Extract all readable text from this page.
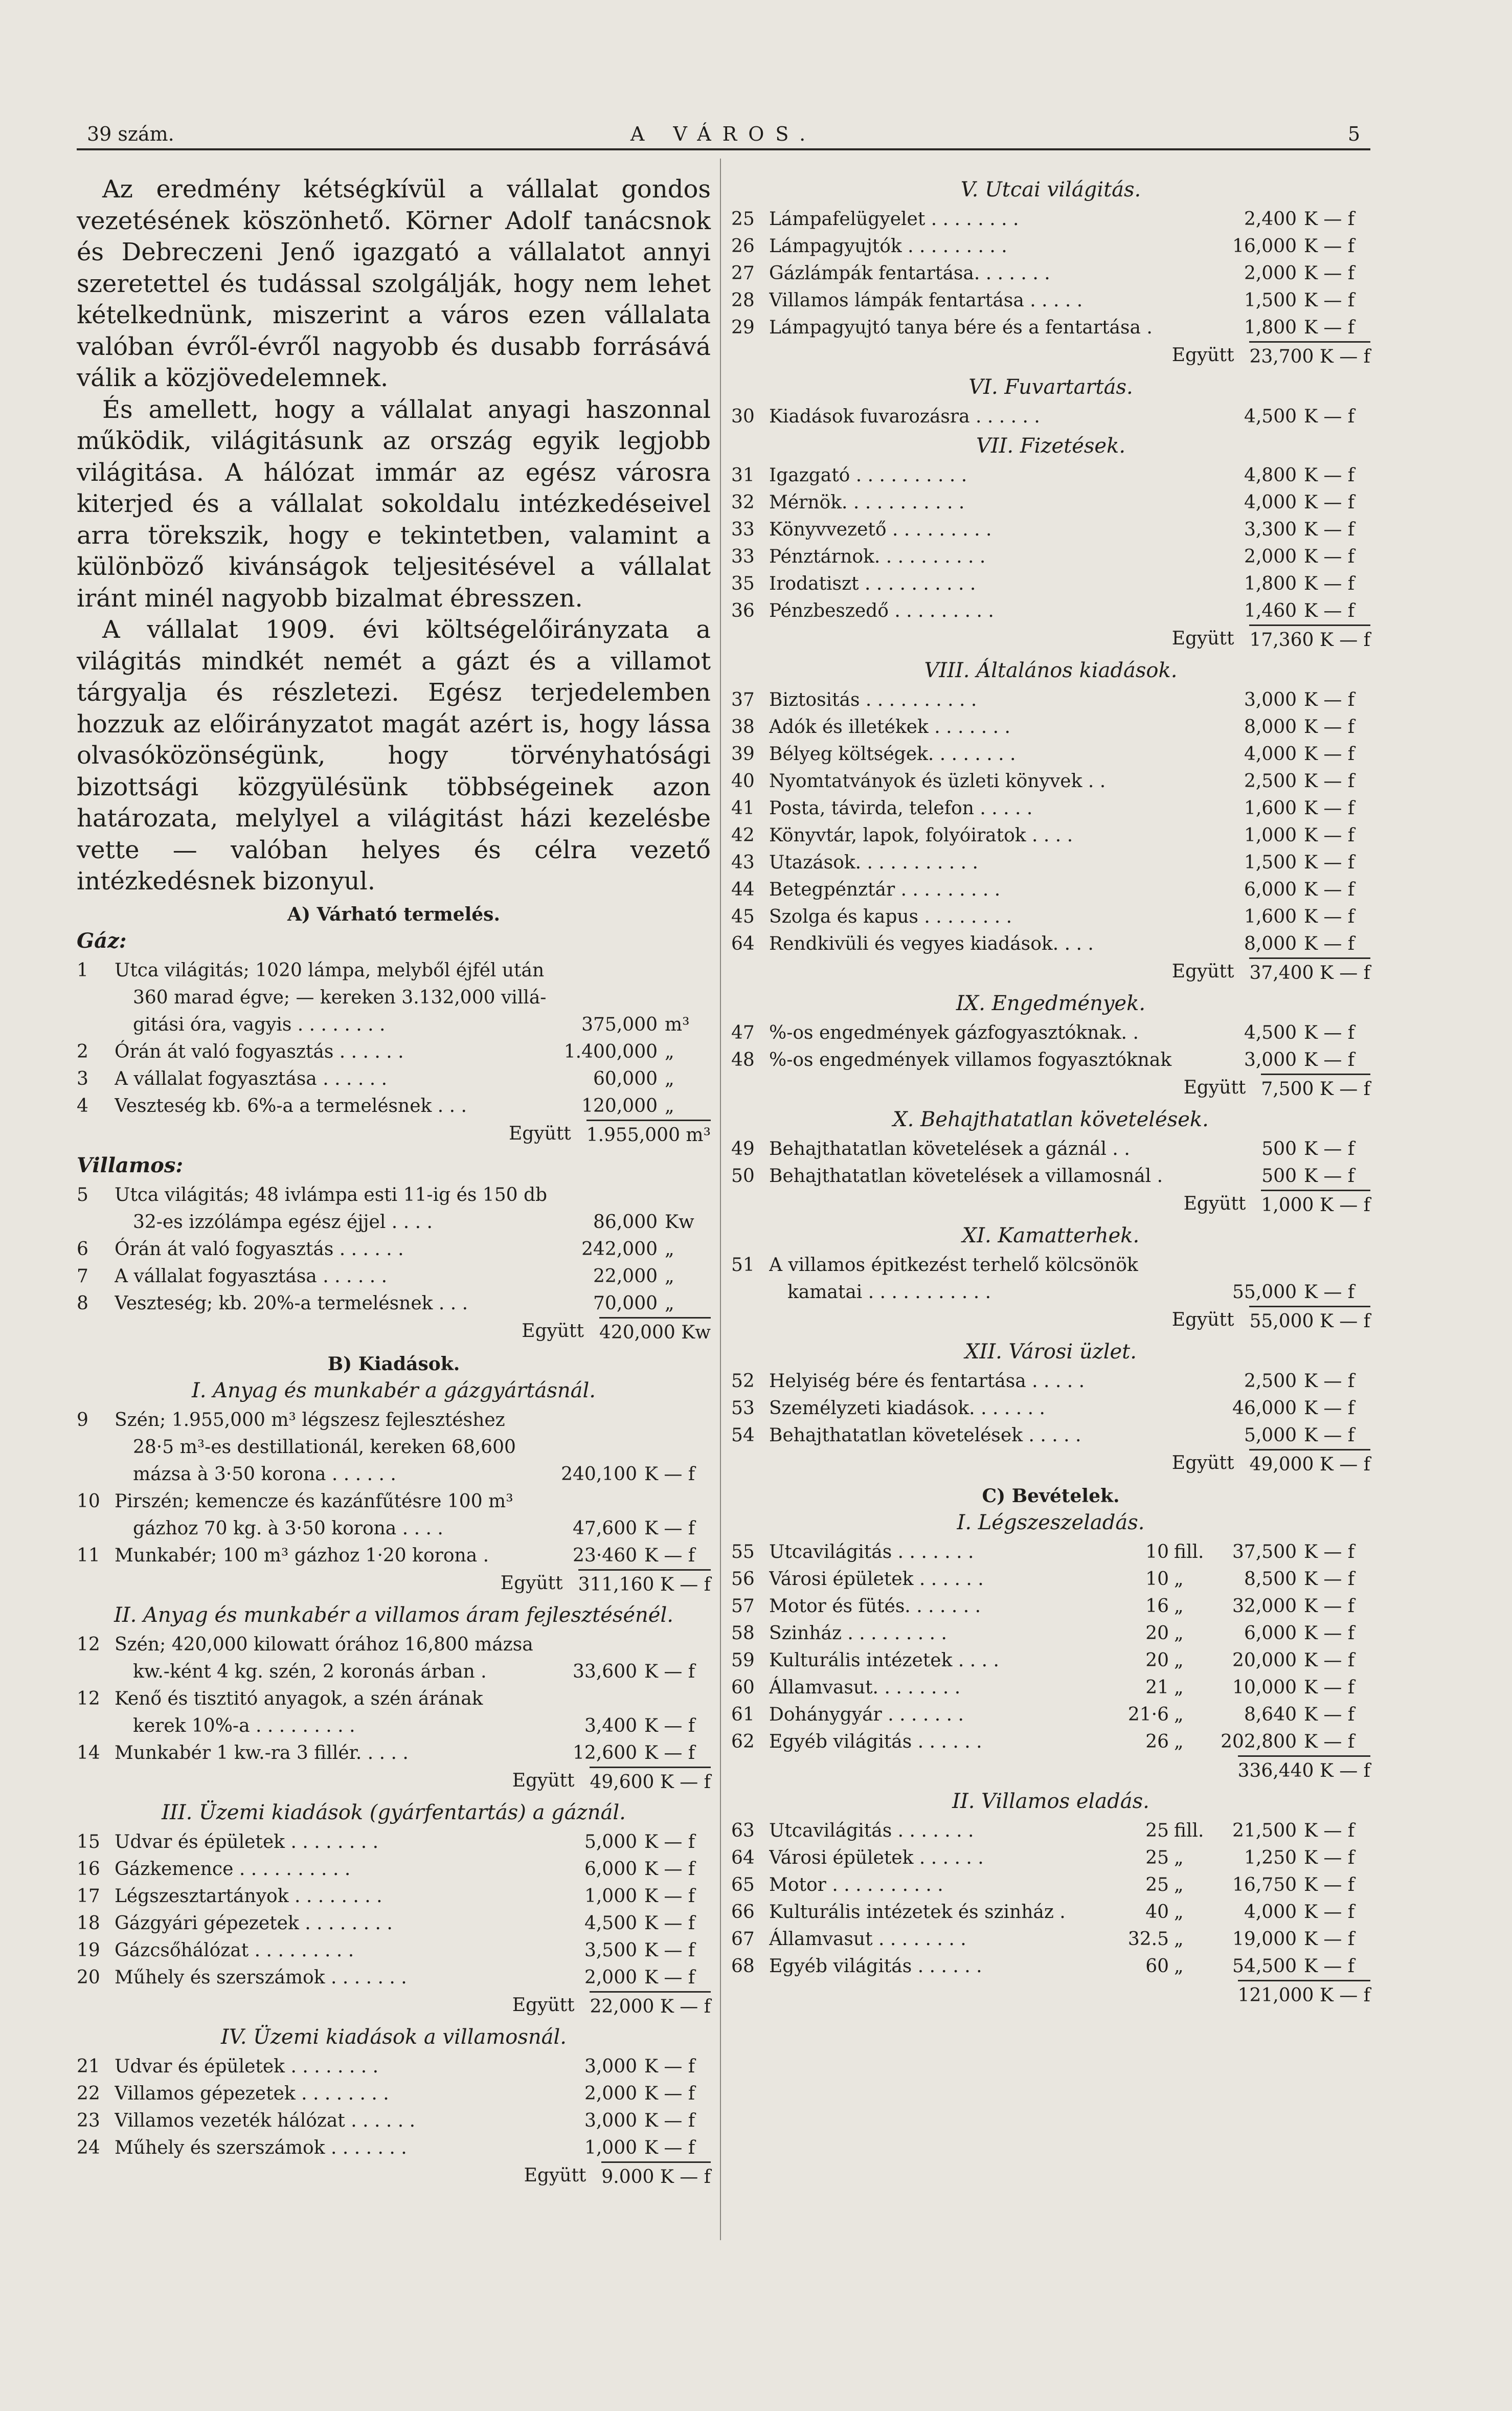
39 szám.	A VÁROS.	5

Az eredmény kétségkívül a vállalat gondos vezetésének köszönhető. Körner Adolf tanácsnok és Debreczeni Jenő igazgató a vállalatot annyi szeretettel és tudással szolgálják, hogy nem lehet kételkednünk, miszerint a város ezen vállalata valóban évről-évről nagyobb és dusabb forrásává válik a közjövedelemnek.

És amellett, hogy a vállalat anyagi haszonnal működik, világitásunk az ország egyik legjobb világitása. A hálózat immár az egész városra kiterjed és a vállalat sokoldalu intézkedéseivel arra törekszik, hogy e tekintetben, valamint a különböző kivánságok teljesitésével a vállalat iránt minél nagyobb bizalmat ébresszen.

A vállalat 1909. évi költségelőirányzata a világitás mindkét nemét a gázt és a villamot tárgyalja és részletezi. Egész terjedelemben hozzuk az előirányzatot magát azért is, hogy lássa olvasóközönségünk, hogy törvényhatósági bizottsági közgyülésünk többségeinek azon határozata, melylyel a világitást házi kezelésbe vette — valóban helyes és célra vezető intézkedésnek bizonyul.

A) Várható termelés.
Gáz:
1	Utca világitás; 1020 lámpa, melyből éjfél után
360 marad égve; — kereken 3.132,000 villá-
gitási óra, vagyis . . . . . . . .	375,000 m³
2	Órán át való fogyasztás . . . . . .	1.400,000 „
3	A vállalat fogyasztása . . . . . .	60,000 „
4	Veszteség kb. 6%-a a termelésnek . . .	120,000 „
Együtt 1.955,000 m³
Villamos:
5	Utca világitás; 48 ivlámpa esti 11-ig és 150 db
32-es izzólámpa egész éjjel . . . .	86,000 Kw
6	Órán át való fogyasztás . . . . . .	242,000 „
7	A vállalat fogyasztása . . . . . .	22,000 „
8	Veszteség; kb. 20%-a termelésnek . . .	70,000 „
Együtt 420,000 Kw
B) Kiadások.
I. Anyag és munkabér a gázgyártásnál.
9	Szén; 1.955,000 m³ légszesz fejlesztéshez
28·5 m³-es destillationál, kereken 68,600
mázsa à 3·50 korona . . . . . .	240,100 K — f
10 Pirszén; kemencze és kazánfűtésre 100 m³
gázhoz 70 kg. à 3·50 korona . . . .	47,600 K — f
11 Munkabér; 100 m³ gázhoz 1·20 korona .	23·460 K — f
Együtt 311,160 K — f
II. Anyag és munkabér a villamos áram fejlesztésénél.
12 Szén; 420,000 kilowatt órához 16,800 mázsa
kw.-ként 4 kg. szén, 2 koronás árban .	33,600 K — f
12 Kenő és tisztitó anyagok, a szén árának
kerek 10%-a . . . . . . . . .	3,400 K — f
14 Munkabér 1 kw.-ra 3 fillér. . . . .	12,600 K — f
Együtt 49,600 K — f
III. Üzemi kiadások (gyárfentartás) a gáznál.
15 Udvar és épületek . . . . . . . .	5,000 K — f
16 Gázkemence . . . . . . . . . .	6,000 K — f
17 Légszesztartányok . . . . . . . .	1,000 K — f
18 Gázgyári gépezetek . . . . . . . .	4,500 K — f
19 Gázcsőhálózat . . . . . . . . .	3,500 K — f
20 Műhely és szerszámok . . . . . . .	2,000 K — f
Együtt 22,000 K — f
IV. Üzemi kiadások a villamosnál.
21 Udvar és épületek . . . . . . . .	3,000 K — f
22 Villamos gépezetek . . . . . . . .	2,000 K — f
23 Villamos vezeték hálózat . . . . . .	3,000 K — f
24 Műhely és szerszámok . . . . . . .	1,000 K — f
Együtt 9.000 K — f
V. Utcai világitás.
25 Lámpafelügyelet . . . . . . . .	2,400 K — f
26 Lámpagyujtók . . . . . . . . .	16,000 K — f
27 Gázlámpák fentartása. . . . . . .	2,000 K — f
28 Villamos lámpák fentartása . . . . .	1,500 K — f
29 Lámpagyujtó tanya bére és a fentartása .	1,800 K — f
Együtt 23,700 K — f
VI. Fuvartartás.
30 Kiadások fuvarozásra . . . . . .	4,500 K — f
VII. Fizetések.
31 Igazgató . . . . . . . . . .	4,800 K — f
32 Mérnök. . . . . . . . . . .	4,000 K — f
33 Könyvvezető . . . . . . . . .	3,300 K — f
33 Pénztárnok. . . . . . . . . .	2,000 K — f
35 Irodatiszt . . . . . . . . . .	1,800 K — f
36 Pénzbeszedő . . . . . . . . .	1,460 K — f
Együtt 17,360 K — f
VIII. Általános kiadások.
37 Biztositás . . . . . . . . . .	3,000 K — f
38 Adók és illetékek . . . . . . .	8,000 K — f
39 Bélyeg költségek. . . . . . . .	4,000 K — f
40 Nyomtatványok és üzleti könyvek . .	2,500 K — f
41 Posta, távirda, telefon . . . . .	1,600 K — f
42 Könyvtár, lapok, folyóiratok . . . .	1,000 K — f
43 Utazások. . . . . . . . . . .	1,500 K — f
44 Betegpénztár . . . . . . . . .	6,000 K — f
45 Szolga és kapus . . . . . . . .	1,600 K — f
64 Rendkivüli és vegyes kiadások. . . .	8,000 K — f
Együtt 37,400 K — f
IX. Engedmények.
47 %-os engedmények gázfogyasztóknak. .	4,500 K — f
48 %-os engedmények villamos fogyasztóknak	3,000 K — f
Együtt 7,500 K — f
X. Behajthatatlan követelések.
49 Behajthatatlan követelések a gáznál . .	500 K — f
50 Behajthatatlan követelések a villamosnál .	500 K — f
Együtt 1,000 K — f
XI. Kamatterhek.
51 A villamos épitkezést terhelő kölcsönök
kamatai . . . . . . . . . . .	55,000 K — f
Együtt 55,000 K — f
XII. Városi üzlet.
52 Helyiség bére és fentartása . . . . .	2,500 K — f
53 Személyzeti kiadások. . . . . . .	46,000 K — f
54 Behajthatatlan követelések . . . . .	5,000 K — f
Együtt 49,000 K — f
C) Bevételek.
I. Légszeszeladás.
55 Utcavilágitás . . . . . . .	10 fill.	37,500 K — f
56 Városi épületek . . . . . .	10 „	8,500 K — f
57 Motor és fütés. . . . . . .	16 „	32,000 K — f
58 Szinház . . . . . . . . .	20 „	6,000 K — f
59 Kulturális intézetek . . . .	20 „	20,000 K — f
60 Államvasut. . . . . . . .	21 „	10,000 K — f
61 Dohánygyár . . . . . . .	21·6 „	8,640 K — f
62 Egyéb világitás . . . . . .	26 „	202,800 K — f
336,440 K — f
II. Villamos eladás.
63 Utcavilágitás . . . . . . .	25 fill.	21,500 K — f
64 Városi épületek . . . . . .	25 „	1,250 K — f
65 Motor . . . . . . . . . .	25 „	16,750 K — f
66 Kulturális intézetek és szinház .	40 „	4,000 K — f
67 Államvasut . . . . . . . .	32.5 „	19,000 K — f
68 Egyéb világitás . . . . . .	60 „	54,500 K — f
121,000 K — f
